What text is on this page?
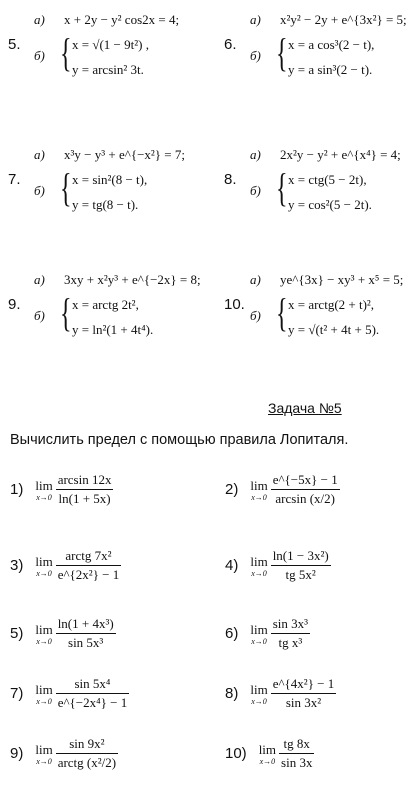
5.
а) x + 2y − y² cos2x = 4;
б) { x = √(1 − 9t²) ,
y = arcsin² 3t.
6.
а) x²y² − 2y + e^{3x²} = 5;
б) { x = a cos³(2 − t),
y = a sin³(2 − t).
7.
а) x³y − y³ + e^{−x²} = 7;
б) { x = sin²(8 − t),
y = tg(8 − t).
8.
а) 2x²y − y² + e^{x⁴} = 4;
б) { x = ctg(5 − 2t),
y = cos²(5 − 2t).
9.
а) 3xy + x²y³ + e^{−2x} = 8;
б) { x = arctg 2t²,
y = ln²(1 + 4t⁴).
10.
а) ye^{3x} − xy³ + x⁵ = 5;
б) { x = arctg(2 + t)²,
y = √(t² + 4t + 5).
Задача №5
Вычислить предел с помощью правила Лопиталя.
1) lim
$x\to 0 \frac{\arcsin 12x}{\ln(1 + 5x)}$	2) lim
$x\to 0 \frac{e\^{}\{-5x\} - 1}{\arcsin (x/2)}$
3) lim
$x\to 0 \frac{\text{arctg 7x²}}{\text{e\textasciicircum{}\{2x²\} − 1}}$	4) lim
$x\to 0 \frac{\text{ln(1 − 3x²)}}{\text{tg 5x²}}$
5) lim
$x\to 0 \frac{\text{ln(1 + 4x³)}}{\text{sin 5x³}}$	6) lim
$x\to 0 \frac{\text{sin 3x³}}{\text{tg x³}}$
7) lim
$x\to 0 \frac{\text{sin 5x⁴}}{\text{e\textasciicircum{}\{−2x⁴\} − 1}}$	8) lim
$x\to 0 \frac{\text{e\textasciicircum{}\{4x²\} − 1}}{\text{sin 3x²}}$
9) lim
$x\to 0 \frac{\text{sin 9x²}}{\text{arctg (x²/2)}}$	10) lim
$x\to 0 \frac{tg 8x}{\sin 3x}$
